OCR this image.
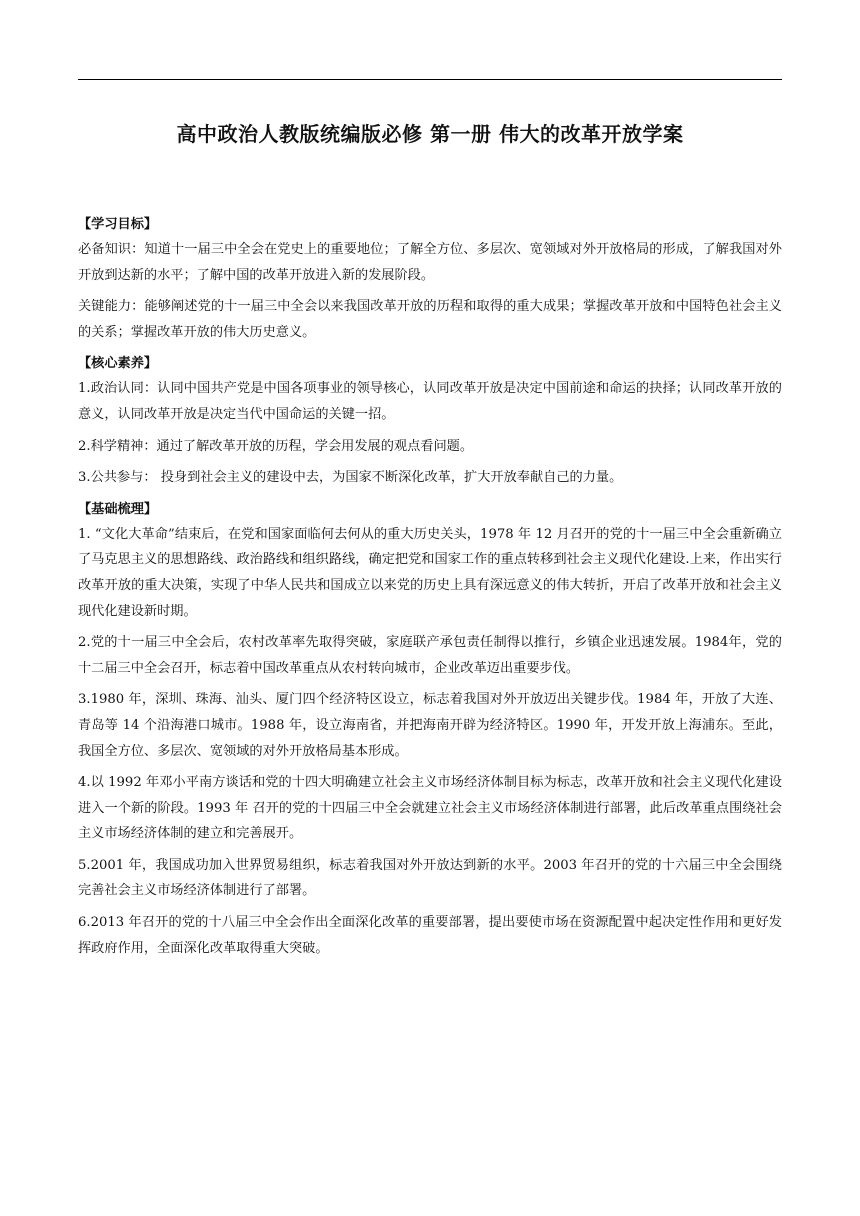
高中政治人教版统编版必修 第一册 伟大的改革开放学案
【学习目标】

必备知识：知道十一届三中全会在党史上的重要地位；了解全方位、多层次、宽领域对外开放格局的形成，了解我国对外开放到达新的水平；了解中国的改革开放进入新的发展阶段。

关键能力：能够阐述党的十一届三中全会以来我国改革开放的历程和取得的重大成果；掌握改革开放和中国特色社会主义的关系；掌握改革开放的伟大历史意义。

【核心素养】

1.政治认同：认同中国共产党是中国各项事业的领导核心，认同改革开放是决定中国前途和命运的抉择；认同改革开放的意义，认同改革开放是决定当代中国命运的关键一招。

2.科学精神：通过了解改革开放的历程，学会用发展的观点看问题。

3.公共参与： 投身到社会主义的建设中去，为国家不断深化改革，扩大开放奉献自己的力量。

【基础梳理】

1. “文化大革命”结束后，在党和国家面临何去何从的重大历史关头，1978 年 12 月召开的党的十一届三中全会重新确立了马克思主义的思想路线、政治路线和组织路线，确定把党和国家工作的重点转移到社会主义现代化建设.上来，作出实行改革开放的重大决策，实现了中华人民共和国成立以来党的历史上具有深远意义的伟大转折，开启了改革开放和社会主义现代化建设新时期。

2.党的十一届三中全会后，农村改革率先取得突破，家庭联产承包责任制得以推行，乡镇企业迅速发展。1984年，党的十二届三中全会召开，标志着中国改革重点从农村转向城市，企业改革迈出重要步伐。

3.1980 年，深圳、珠海、汕头、厦门四个经济特区设立，标志着我国对外开放迈出关键步伐。1984 年，开放了大连、青岛等 14 个沿海港口城市。1988 年，设立海南省，并把海南开辟为经济特区。1990 年，开发开放上海浦东。至此，我国全方位、多层次、宽领域的对外开放格局基本形成。

4.以 1992 年邓小平南方谈话和党的十四大明确建立社会主义市场经济体制目标为标志，改革开放和社会主义现代化建设进入一个新的阶段。1993 年 召开的党的十四届三中全会就建立社会主义市场经济体制进行部署，此后改革重点围绕社会主义市场经济体制的建立和完善展开。

5.2001 年，我国成功加入世界贸易组织，标志着我国对外开放达到新的水平。2003 年召开的党的十六届三中全会围绕完善社会主义市场经济体制进行了部署。

6.2013 年召开的党的十八届三中全会作出全面深化改革的重要部署，提出要使市场在资源配置中起决定性作用和更好发挥政府作用，全面深化改革取得重大突破。
